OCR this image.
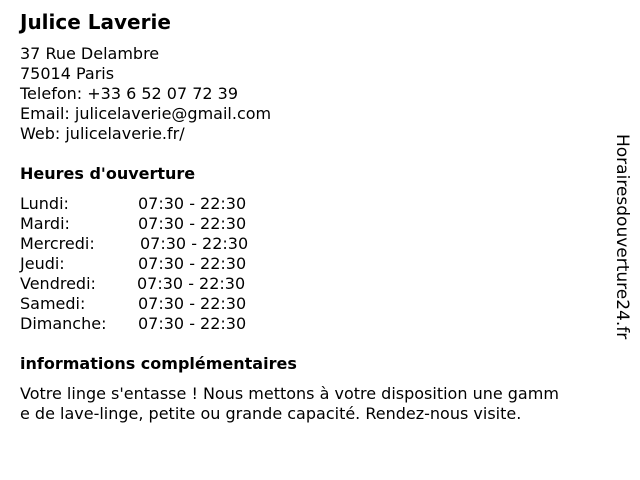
Julice Laverie
37 Rue Delambre
75014 Paris
Telefon: +33 6 52 07 72 39
Email: julicelaverie@gmail.com
Web: julicelaverie.fr/
Heures d'ouverture
Lundi:	07:30 - 22:30
Mardi:	07:30 - 22:30
Mercredi:	07:30 - 22:30
Jeudi:	07:30 - 22:30
Vendredi:	07:30 - 22:30
Samedi:	07:30 - 22:30
Dimanche: 07:30 - 22:30
informations complémentaires
Votre linge s'entasse ! Nous mettons à votre disposition une gamme de lave-linge, petite ou grande capacité. Rendez-nous visite.
Horairesdouverture24.fr
